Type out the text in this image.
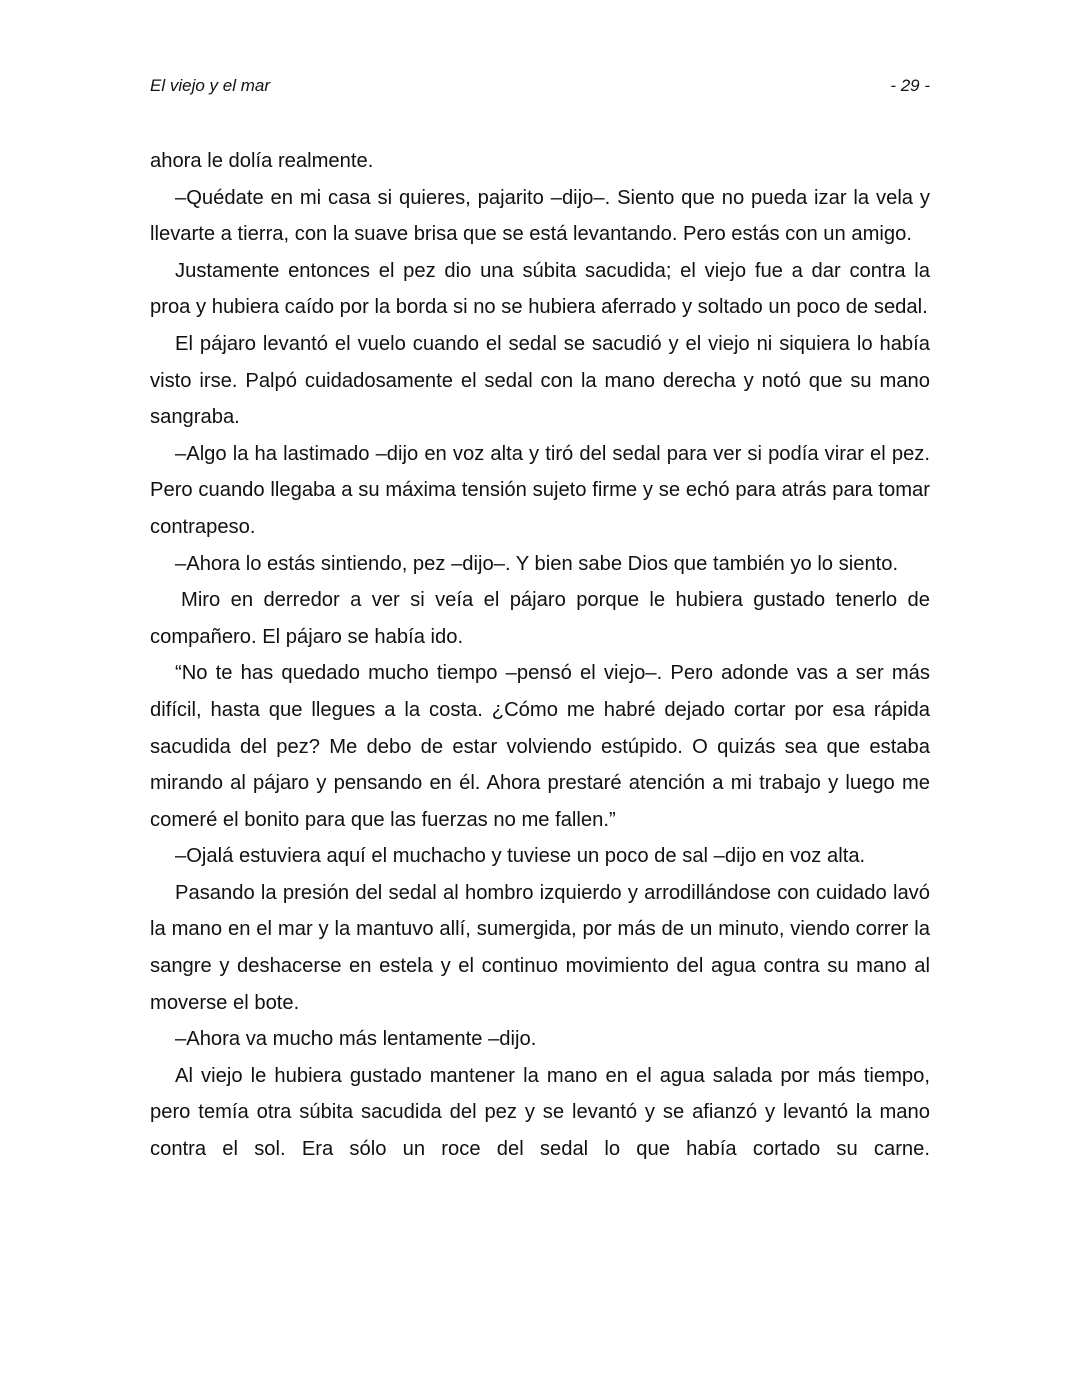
El viejo y el mar	- 29 -

ahora le dolía realmente.

–Quédate en mi casa si quieres, pajarito –dijo–. Siento que no pueda izar la vela y llevarte a tierra, con la suave brisa que se está levantando. Pero estás con un amigo.

Justamente entonces el pez dio una súbita sacudida; el viejo fue a dar contra la proa y hubiera caído por la borda si no se hubiera aferrado y soltado un poco de sedal.

El pájaro levantó el vuelo cuando el sedal se sacudió y el viejo ni siquiera lo había visto irse. Palpó cuidadosamente el sedal con la mano derecha y notó que su mano sangraba.

–Algo la ha lastimado –dijo en voz alta y tiró del sedal para ver si podía virar el pez. Pero cuando llegaba a su máxima tensión sujeto firme y se echó para atrás para tomar contrapeso.

–Ahora lo estás sintiendo, pez –dijo–. Y bien sabe Dios que también yo lo siento.

Miro en derredor a ver si veía el pájaro porque le hubiera gustado tenerlo de compañero. El pájaro se había ido.

“No te has quedado mucho tiempo –pensó el viejo–. Pero adonde vas a ser más difícil, hasta que llegues a la costa. ¿Cómo me habré dejado cortar por esa rápida sacudida del pez? Me debo de estar volviendo estúpido. O quizás sea que estaba mirando al pájaro y pensando en él. Ahora prestaré atención a mi trabajo y luego me comeré el bonito para que las fuerzas no me fallen.”

–Ojalá estuviera aquí el muchacho y tuviese un poco de sal –dijo en voz alta.

Pasando la presión del sedal al hombro izquierdo y arrodillándose con cuidado lavó la mano en el mar y la mantuvo allí, sumergida, por más de un minuto, viendo correr la sangre y deshacerse en estela y el continuo movimiento del agua contra su mano al moverse el bote.

–Ahora va mucho más lentamente –dijo.

Al viejo le hubiera gustado mantener la mano en el agua salada por más tiempo, pero temía otra súbita sacudida del pez y se levantó y se afianzó y levantó la mano contra el sol. Era sólo un roce del sedal lo que había cortado su carne.
